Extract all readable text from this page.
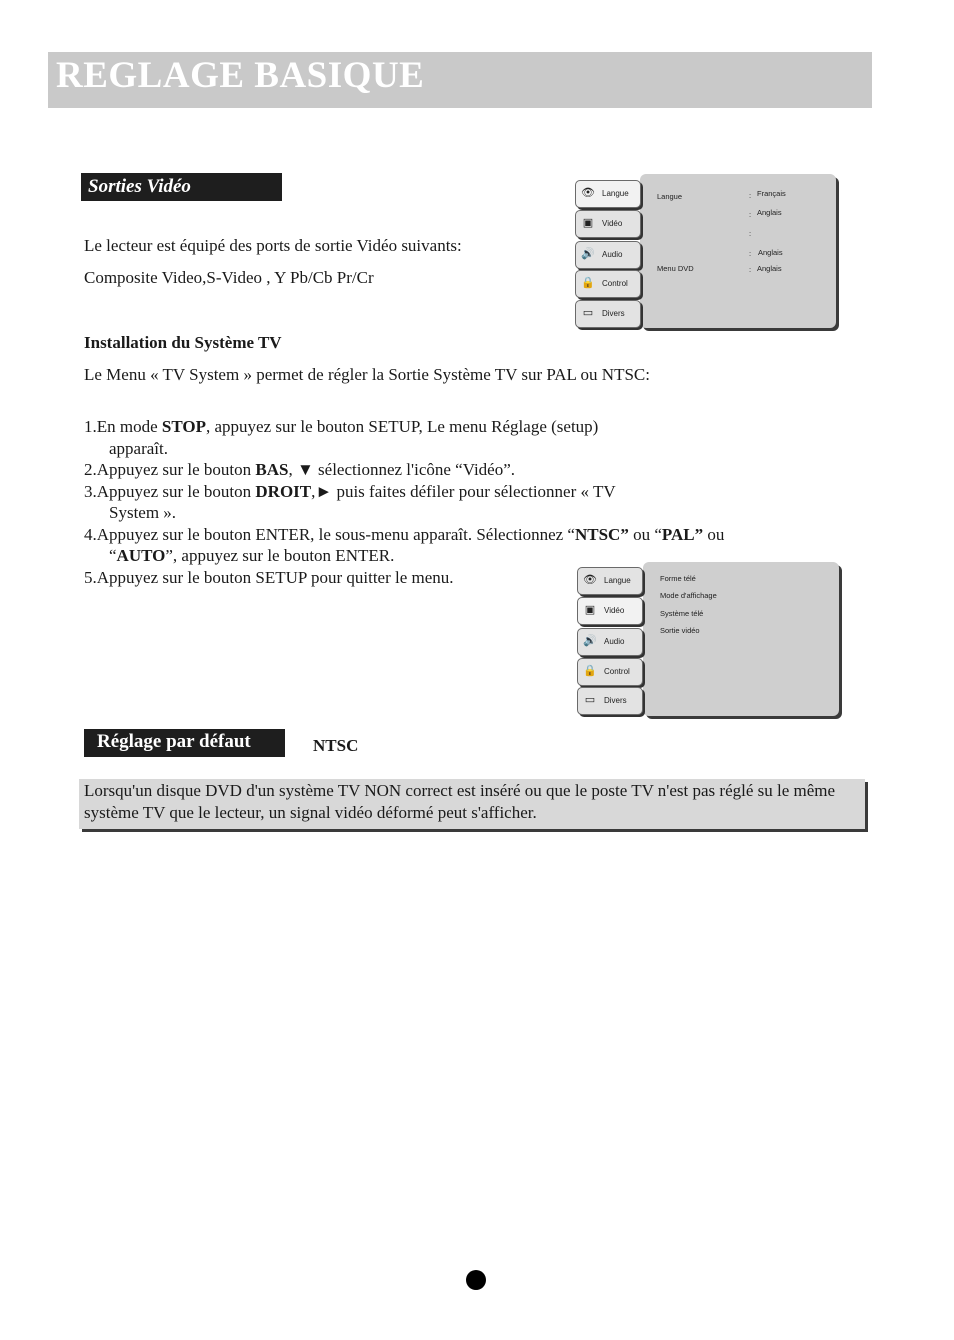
REGLAGE BASIQUE
Sorties Vidéo
Le lecteur est équipé des ports de sortie Vidéo suivants:
Composite Video,S-Video , Y Pb/Cb Pr/Cr
Installation du Système TV
Le Menu « TV System » permet de régler la Sortie Système TV sur PAL ou NTSC:
1.En mode STOP, appuyez sur le bouton SETUP, Le menu Réglage (setup)
apparaît.
2.Appuyez sur le bouton BAS, ▼ sélectionnez l'icône “Vidéo”.
3.Appuyez sur le bouton DROIT,► puis faites défiler pour sélectionner « TV
System ».
4.Appuyez sur le bouton ENTER, le sous-menu apparaît. Sélectionnez “NTSC” ou “PAL” ou
“AUTO”, appuyez sur le bouton ENTER.
5.Appuyez sur le bouton SETUP pour quitter le menu.
Langue	: Français
: Anglais
:
: Anglais
Menu DVD	: Anglais
👁 Langue
▣ Vidéo
🔊 Audio
🔒 Control
▭ Divers
Forme télé
Mode d'affichage
Système télé
Sortie vidéo
👁 Langue
▣ Vidéo
🔊 Audio
🔒 Control
▭ Divers
Réglage par défaut	NTSC
Lorsqu'un disque DVD d'un système TV NON correct est inséré ou que le poste TV n'est pas réglé su le même système TV que le lecteur, un signal vidéo déformé peut s'afficher.
